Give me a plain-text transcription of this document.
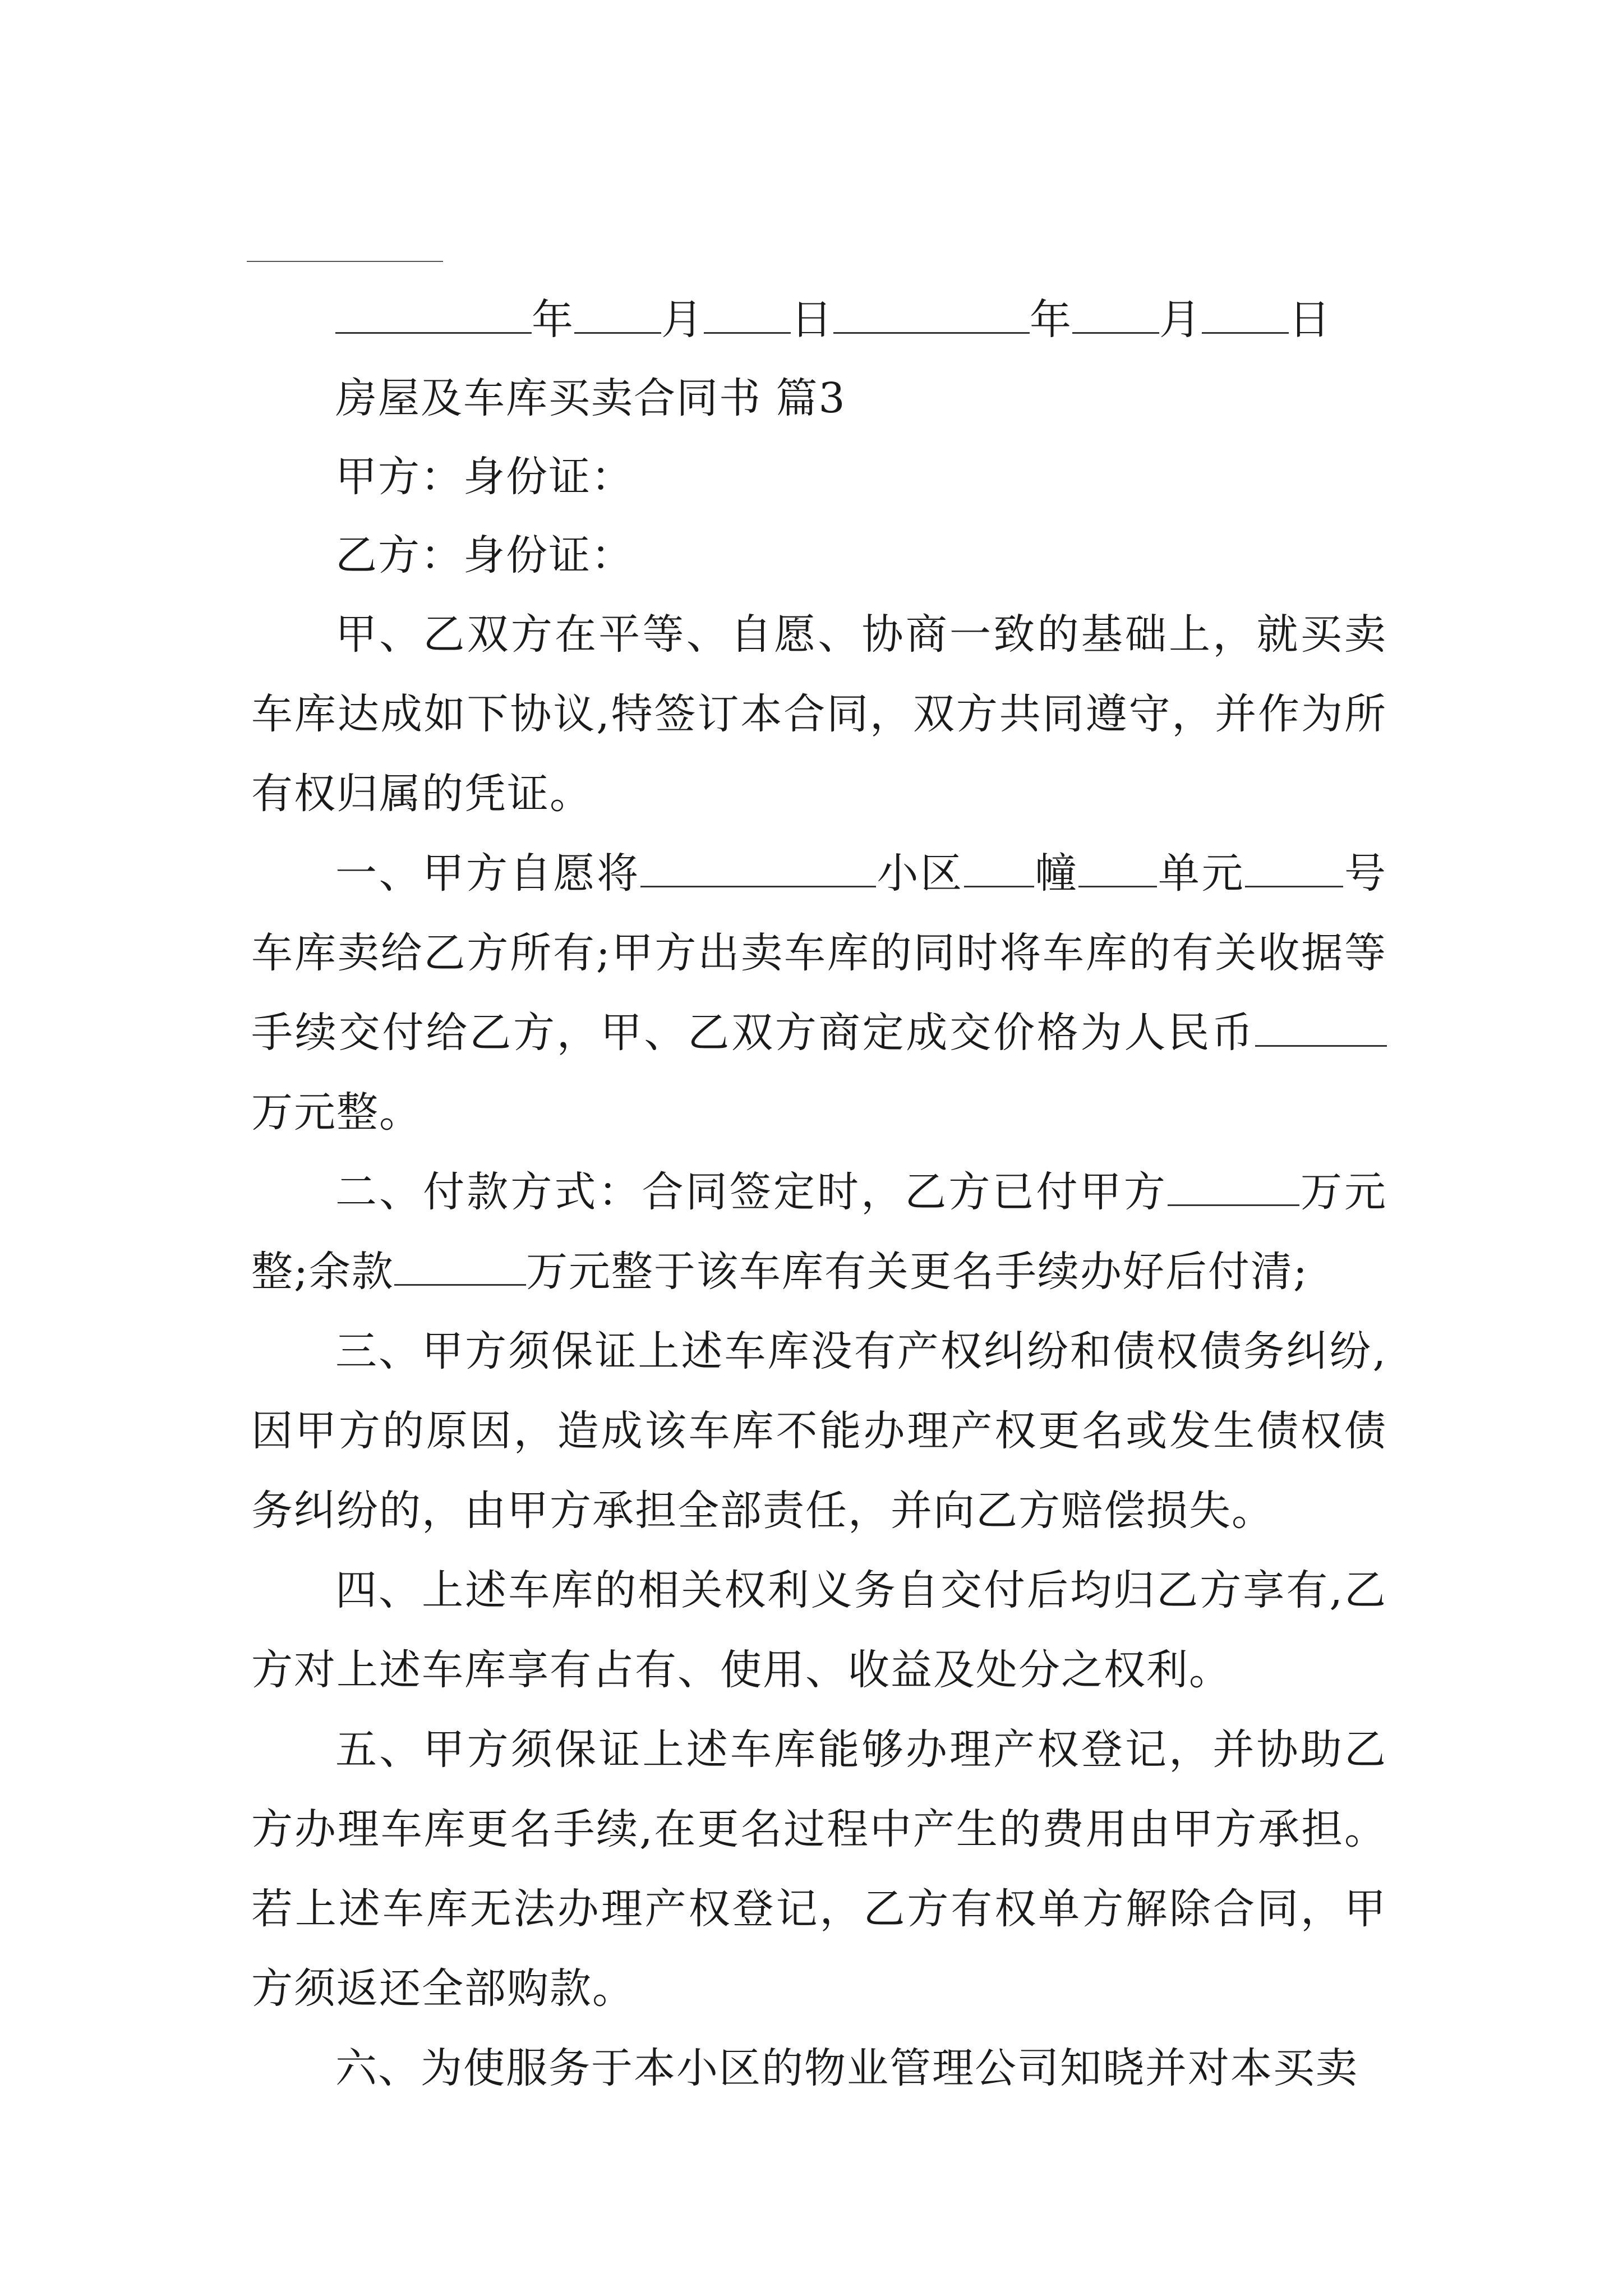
年 月 日	年 月 日
房屋及车库买卖合同书 篇3
甲方：身份证：
乙方：身份证：
甲、乙双方在平等、自愿、协商一致的基础上，就买卖车库达成如下协议,特签订本合同，双方共同遵守，并作为所有权归属的凭证。
一、甲方自愿将	小区 幢 单元 号车库卖给乙方所有;甲方出卖车库的同时将车库的有关收据等手续交付给乙方，甲、乙双方商定成交价格为人民币万元整。
二、付款方式：合同签定时，乙方已付甲方	万元整;余款	万元整于该车库有关更名手续办好后付清;
三、甲方须保证上述车库没有产权纠纷和债权债务纠纷,因甲方的原因，造成该车库不能办理产权更名或发生债权债务纠纷的，由甲方承担全部责任，并向乙方赔偿损失。
四、上述车库的相关权利义务自交付后均归乙方享有,乙方对上述车库享有占有、使用、收益及处分之权利。
五、甲方须保证上述车库能够办理产权登记，并协助乙方办理车库更名手续,在更名过程中产生的费用由甲方承担。若上述车库无法办理产权登记，乙方有权单方解除合同，甲方须返还全部购款。
六、为使服务于本小区的物业管理公司知晓并对本买卖
